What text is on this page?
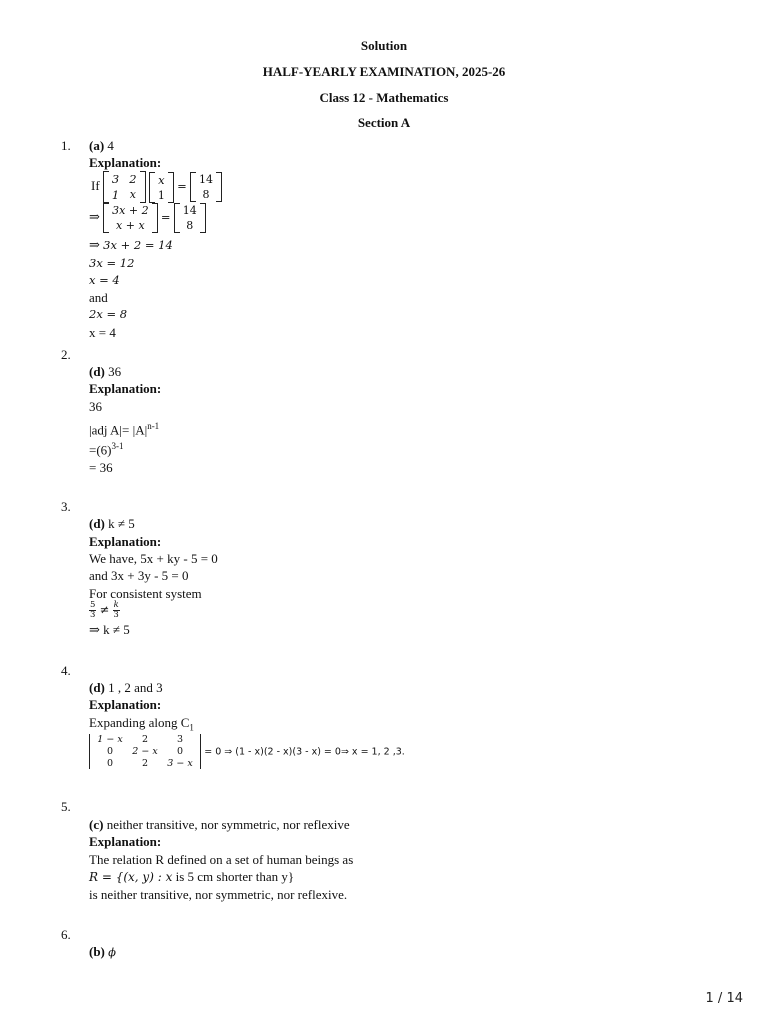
Solution
HALF-YEARLY EXAMINATION, 2025-26
Class 12 - Mathematics
Section A
1. (a) 4
Explanation:
If 3 2
1 x

x
1
= 14
8
⇒ 3x + 2
x + x
= 14
8
⇒ 3x + 2 = 14
3x = 12
x = 4
and
2x = 8
x = 4
2.
(d) 36
Explanation:
36
|adj $A|= |A|^{n-1}$
$=(6)^{3-1}$
= 36
3.
(d) k ≠ 5
Explanation:
We have, 5x + ky - 5 = 0
and 3x + 3y - 5 = 0
For consistent system
$\frac{5}{3} \ne \frac{k}{3}$
⇒ k ≠ 5
4.
(d) 1 , 2 and 3
Explanation:
Expanding along $C_1$
1 − x	2	3
0	2 − x	0
0	2	3 − x
= 0 ⇒ (1 - x)(2 - x)(3 - x) = 0⇒ x = 1, 2 ,3.
5.
(c) neither transitive, nor symmetric, nor reflexive
Explanation:
The relation R defined on a set of human beings as
R = {(x, y) : x is 5 cm shorter than y}
is neither transitive, nor symmetric, nor reflexive.
6.
(b) ϕ
1 / 14
